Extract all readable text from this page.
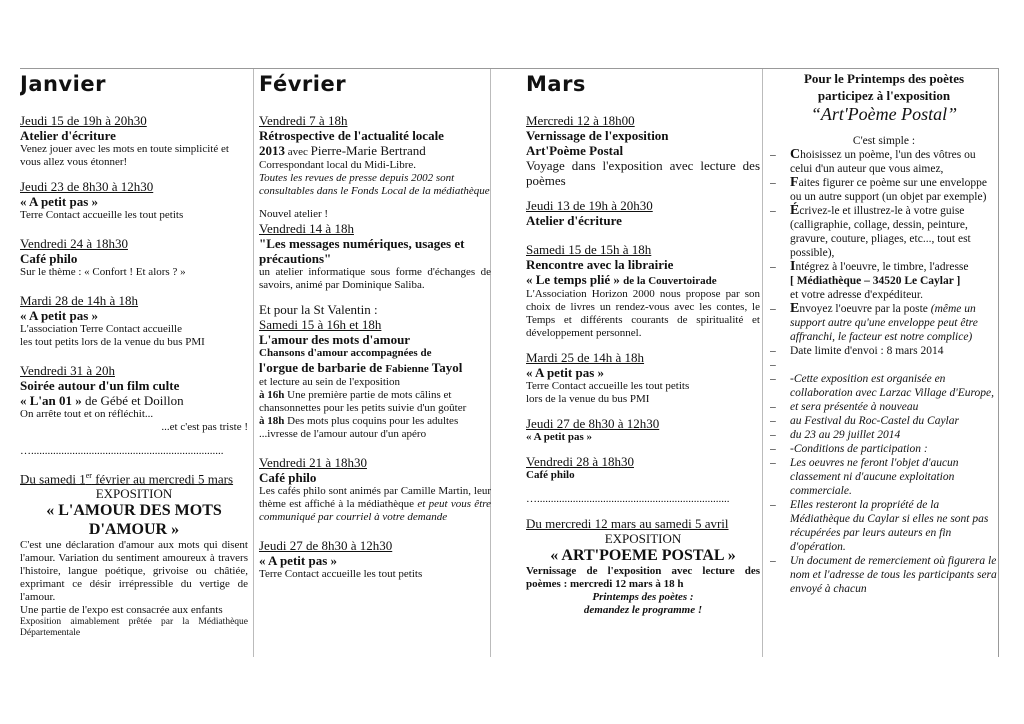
Janvier

Jeudi 15 de 19h à 20h30

Atelier d'écriture

Venez jouer avec les mots en toute simplicité et vous allez vous étonner!

Jeudi 23 de 8h30 à 12h30

« A petit pas »

Terre Contact accueille les tout petits

Vendredi 24 à 18h30

Café philo

Sur le thème : « Confort ! Et alors ? »

Mardi 28 de 14h à 18h

« A petit pas »

L'association Terre Contact accueille

les tout petits lors de la venue du bus PMI

Vendredi 31 à 20h

Soirée autour d'un film culte

« L'an 01 » de Gébé et Doillon

On arrête tout et on réfléchit...

...et c'est pas triste !

…......................................................................

Du samedi 1er février au mercredi 5 mars

EXPOSITION

« L'AMOUR DES MOTS D'AMOUR »

C'est une déclaration d'amour aux mots qui disent l'amour. Variation du sentiment amoureux à travers l'histoire, langue poétique, grivoise ou châtiée, exprimant ce désir irrépressible du vertige de l'amour.

Une partie de l'expo est consacrée aux enfants

Exposition aimablement prêtée par la Médiathèque Départementale

Février

Vendredi 7 à 18h

Rétrospective de l'actualité locale

2013 avec Pierre-Marie Bertrand

Correspondant local du Midi-Libre.

Toutes les revues de presse depuis 2002 sont consultables dans le Fonds Local de la médiathèque

Nouvel atelier !

Vendredi 14 à 18h

"Les messages numériques, usages et précautions"

un atelier informatique sous forme d'échanges de savoirs, animé par Dominique Saliba.

Et pour la St Valentin :

Samedi 15 à 16h et 18h

L'amour des mots d'amour

Chansons d'amour accompagnées de

l'orgue de barbarie de Fabienne Tayol

et lecture au sein de l'exposition

à 16h Une première partie de mots câlins et chansonnettes pour les petits suivie d'un goûter

à 18h Des mots plus coquins pour les adultes

...ivresse de l'amour autour d'un apéro

Vendredi 21 à 18h30

Café philo

Les cafés philo sont animés par Camille Martin, leur thème est affiché à la médiathèque et peut vous être communiqué par courriel à votre demande

Jeudi 27 de 8h30 à 12h30

« A petit pas »

Terre Contact accueille les tout petits

Mars

Mercredi 12 à 18h00

Vernissage de l'exposition

Art'Poème Postal

Voyage dans l'exposition avec lecture des poèmes

Jeudi 13 de 19h à 20h30

Atelier d'écriture

Samedi 15 de 15h à 18h

Rencontre avec la librairie

« Le temps plié » de la Couvertoirade

L'Association Horizon 2000 nous propose par son choix de livres un rendez-vous avec les contes, le Temps et différents courants de spiritualité et développement personnel.

Mardi 25 de 14h à 18h

« A petit pas »

Terre Contact accueille les tout petits

lors de la venue du bus PMI

Jeudi 27 de 8h30 à 12h30

« A petit pas »

Vendredi 28 à 18h30

Café philo

…......................................................................

Du mercredi 12 mars au samedi 5 avril

EXPOSITION

« ART'POEME POSTAL »

Vernissage de l'exposition avec lecture des poèmes : mercredi 12 mars à 18 h

Printemps des poètes :

demandez le programme !

Pour le Printemps des poètes

participez à l'exposition

“Art'Poème Postal”

C'est simple :

– Choisissez un poème, l'un des vôtres ou celui d'un auteur que vous aimez,
– Faites figurer ce poème sur une enveloppe ou un autre support (un objet par exemple)
– Écrivez-le et illustrez-le à votre guise (calligraphie, collage, dessin, peinture, gravure, couture, pliages, etc..., tout est possible),
– Intégrez à l'oeuvre, le timbre, l'adresse

[ Médiathèque – 34520 Le Caylar ]

et votre adresse d'expéditeur.

– Envoyez l'oeuvre par la poste (même un support autre qu'une enveloppe peut être affranchi, le facteur est notre complice)
– Date limite d'envoi : 8 mars 2014
–
– -Cette exposition est organisée en collaboration avec Larzac Village d'Europe,
– et sera présentée à nouveau
– au Festival du Roc-Castel du Caylar
– du 23 au 29 juillet 2014
– -Conditions de participation :
– Les oeuvres ne feront l'objet d'aucun classement ni d'aucune exploitation commerciale.
– Elles resteront la propriété de la Médiathèque du Caylar si elles ne sont pas récupérées par leurs auteurs en fin d'opération.
– Un document de remerciement où figurera le nom et l'adresse de tous les participants sera envoyé à chacun
